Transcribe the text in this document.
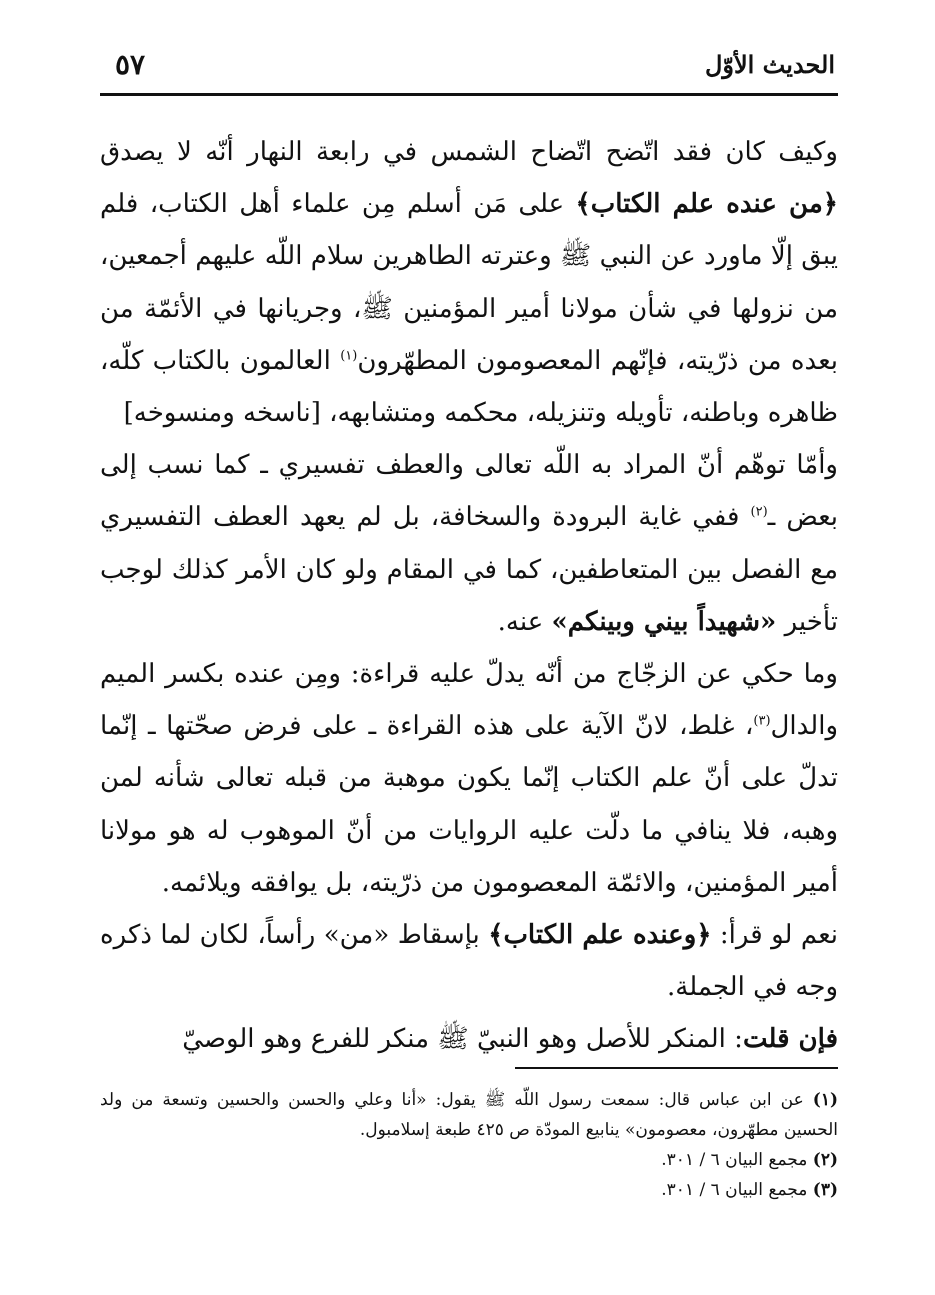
٥٧	الحديث الأوّل

وكيف كان فقد اتّضح اتّضاح الشمس في رابعة النهار أنّه لا يصدق ﴿من عنده علم الكتاب﴾ على مَن أسلم مِن علماء أهل الكتاب، فلم يبق إلّا ماورد عن النبي ﷺ وعترته الطاهرين سلام اللّه عليهم أجمعين، من نزولها في شأن مولانا أمير المؤمنين ﷺ، وجريانها في الأئمّة من بعده من ذرّيته، فإنّهم المعصومون المطهّرون$^{(١)}$ العالمون بالكتاب كلّه، ظاهره وباطنه، تأويله وتنزيله، محكمه ومتشابهه، [ناسخه ومنسوخه]

وأمّا توهّم أنّ المراد به اللّه تعالى والعطف تفسيري ـ كما نسب إلى بعض ـ$^{(٢)}$ ففي غاية البرودة والسخافة، بل لم يعهد العطف التفسيري مع الفصل بين المتعاطفين، كما في المقام ولو كان الأمر كذلك لوجب تأخير «شهيداً بيني وبينكم» عنه.

وما حكي عن الزجّاج من أنّه يدلّ عليه قراءة: ومِن عنده بكسر الميم والدال$^{(٣)}$، غلط، لانّ الآية على هذه القراءة ـ على فرض صحّتها ـ إنّما تدلّ على أنّ علم الكتاب إنّما يكون موهبة من قبله تعالى شأنه لمن وهبه، فلا ينافي ما دلّت عليه الروايات من أنّ الموهوب له هو مولانا أمير المؤمنين، والائمّة المعصومون من ذرّيته، بل يوافقه ويلائمه.

نعم لو قرأ: ﴿وعنده علم الكتاب﴾ بإسقاط «من» رأساً، لكان لما ذكره وجه في الجملة.

فإن قلت: المنكر للأصل وهو النبيّ ﷺ منكر للفرع وهو الوصيّ

(١) عن ابن عباس قال: سمعت رسول اللّه ﷺ يقول: «أنا وعلي والحسن والحسين وتسعة من ولد الحسين مطهّرون، معصومون» ينابيع المودّة ص ٤٢٥ طبعة إسلامبول.

(٢) مجمع البيان ٦ / ٣٠١.

(٣) مجمع البيان ٦ / ٣٠١.
